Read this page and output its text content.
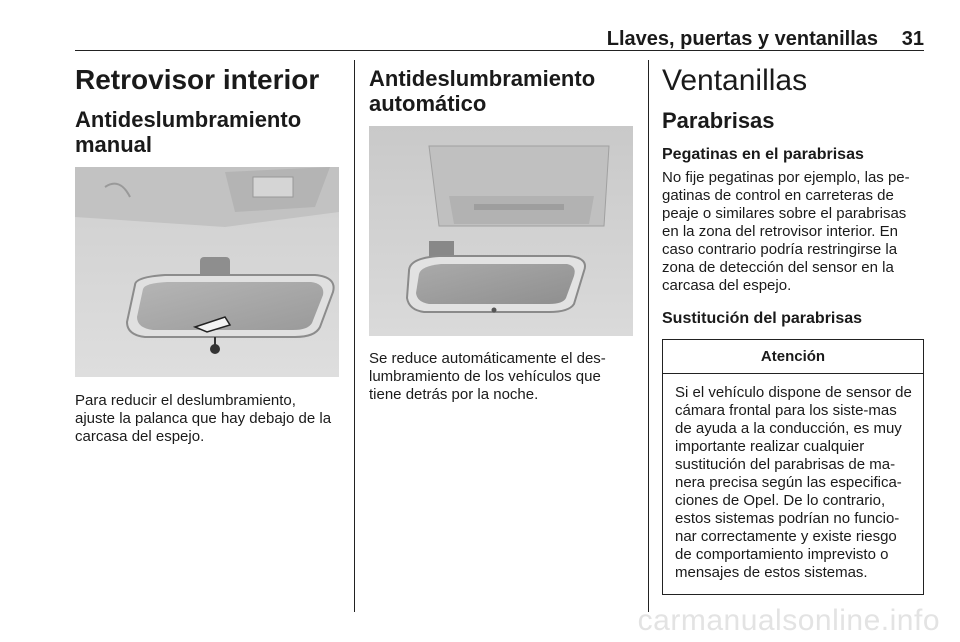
Llaves, puertas y ventanillas 31

Retrovisor interior

Antideslumbramiento

manual

Para reducir el deslumbramiento, ajuste la palanca que hay debajo de la carcasa del espejo.

Antideslumbramiento

automático

Se reduce automáticamente el des-lumbramiento de los vehículos que tiene detrás por la noche.

Ventanillas

Parabrisas

Pegatinas en el parabrisas

No fije pegatinas por ejemplo, las pe-gatinas de control en carreteras de peaje o similares sobre el parabrisas en la zona del retrovisor interior. En caso contrario podría restringirse la zona de detección del sensor en la carcasa del espejo.

Sustitución del parabrisas

Atención
Si el vehículo dispone de sensor de cámara frontal para los siste-mas de ayuda a la conducción, es muy importante realizar cualquier sustitución del parabrisas de ma-nera precisa según las especifica-ciones de Opel. De lo contrario, estos sistemas podrían no funcio-nar correctamente y existe riesgo de comportamiento imprevisto o mensajes de estos sistemas.
carmanualsonline.info
